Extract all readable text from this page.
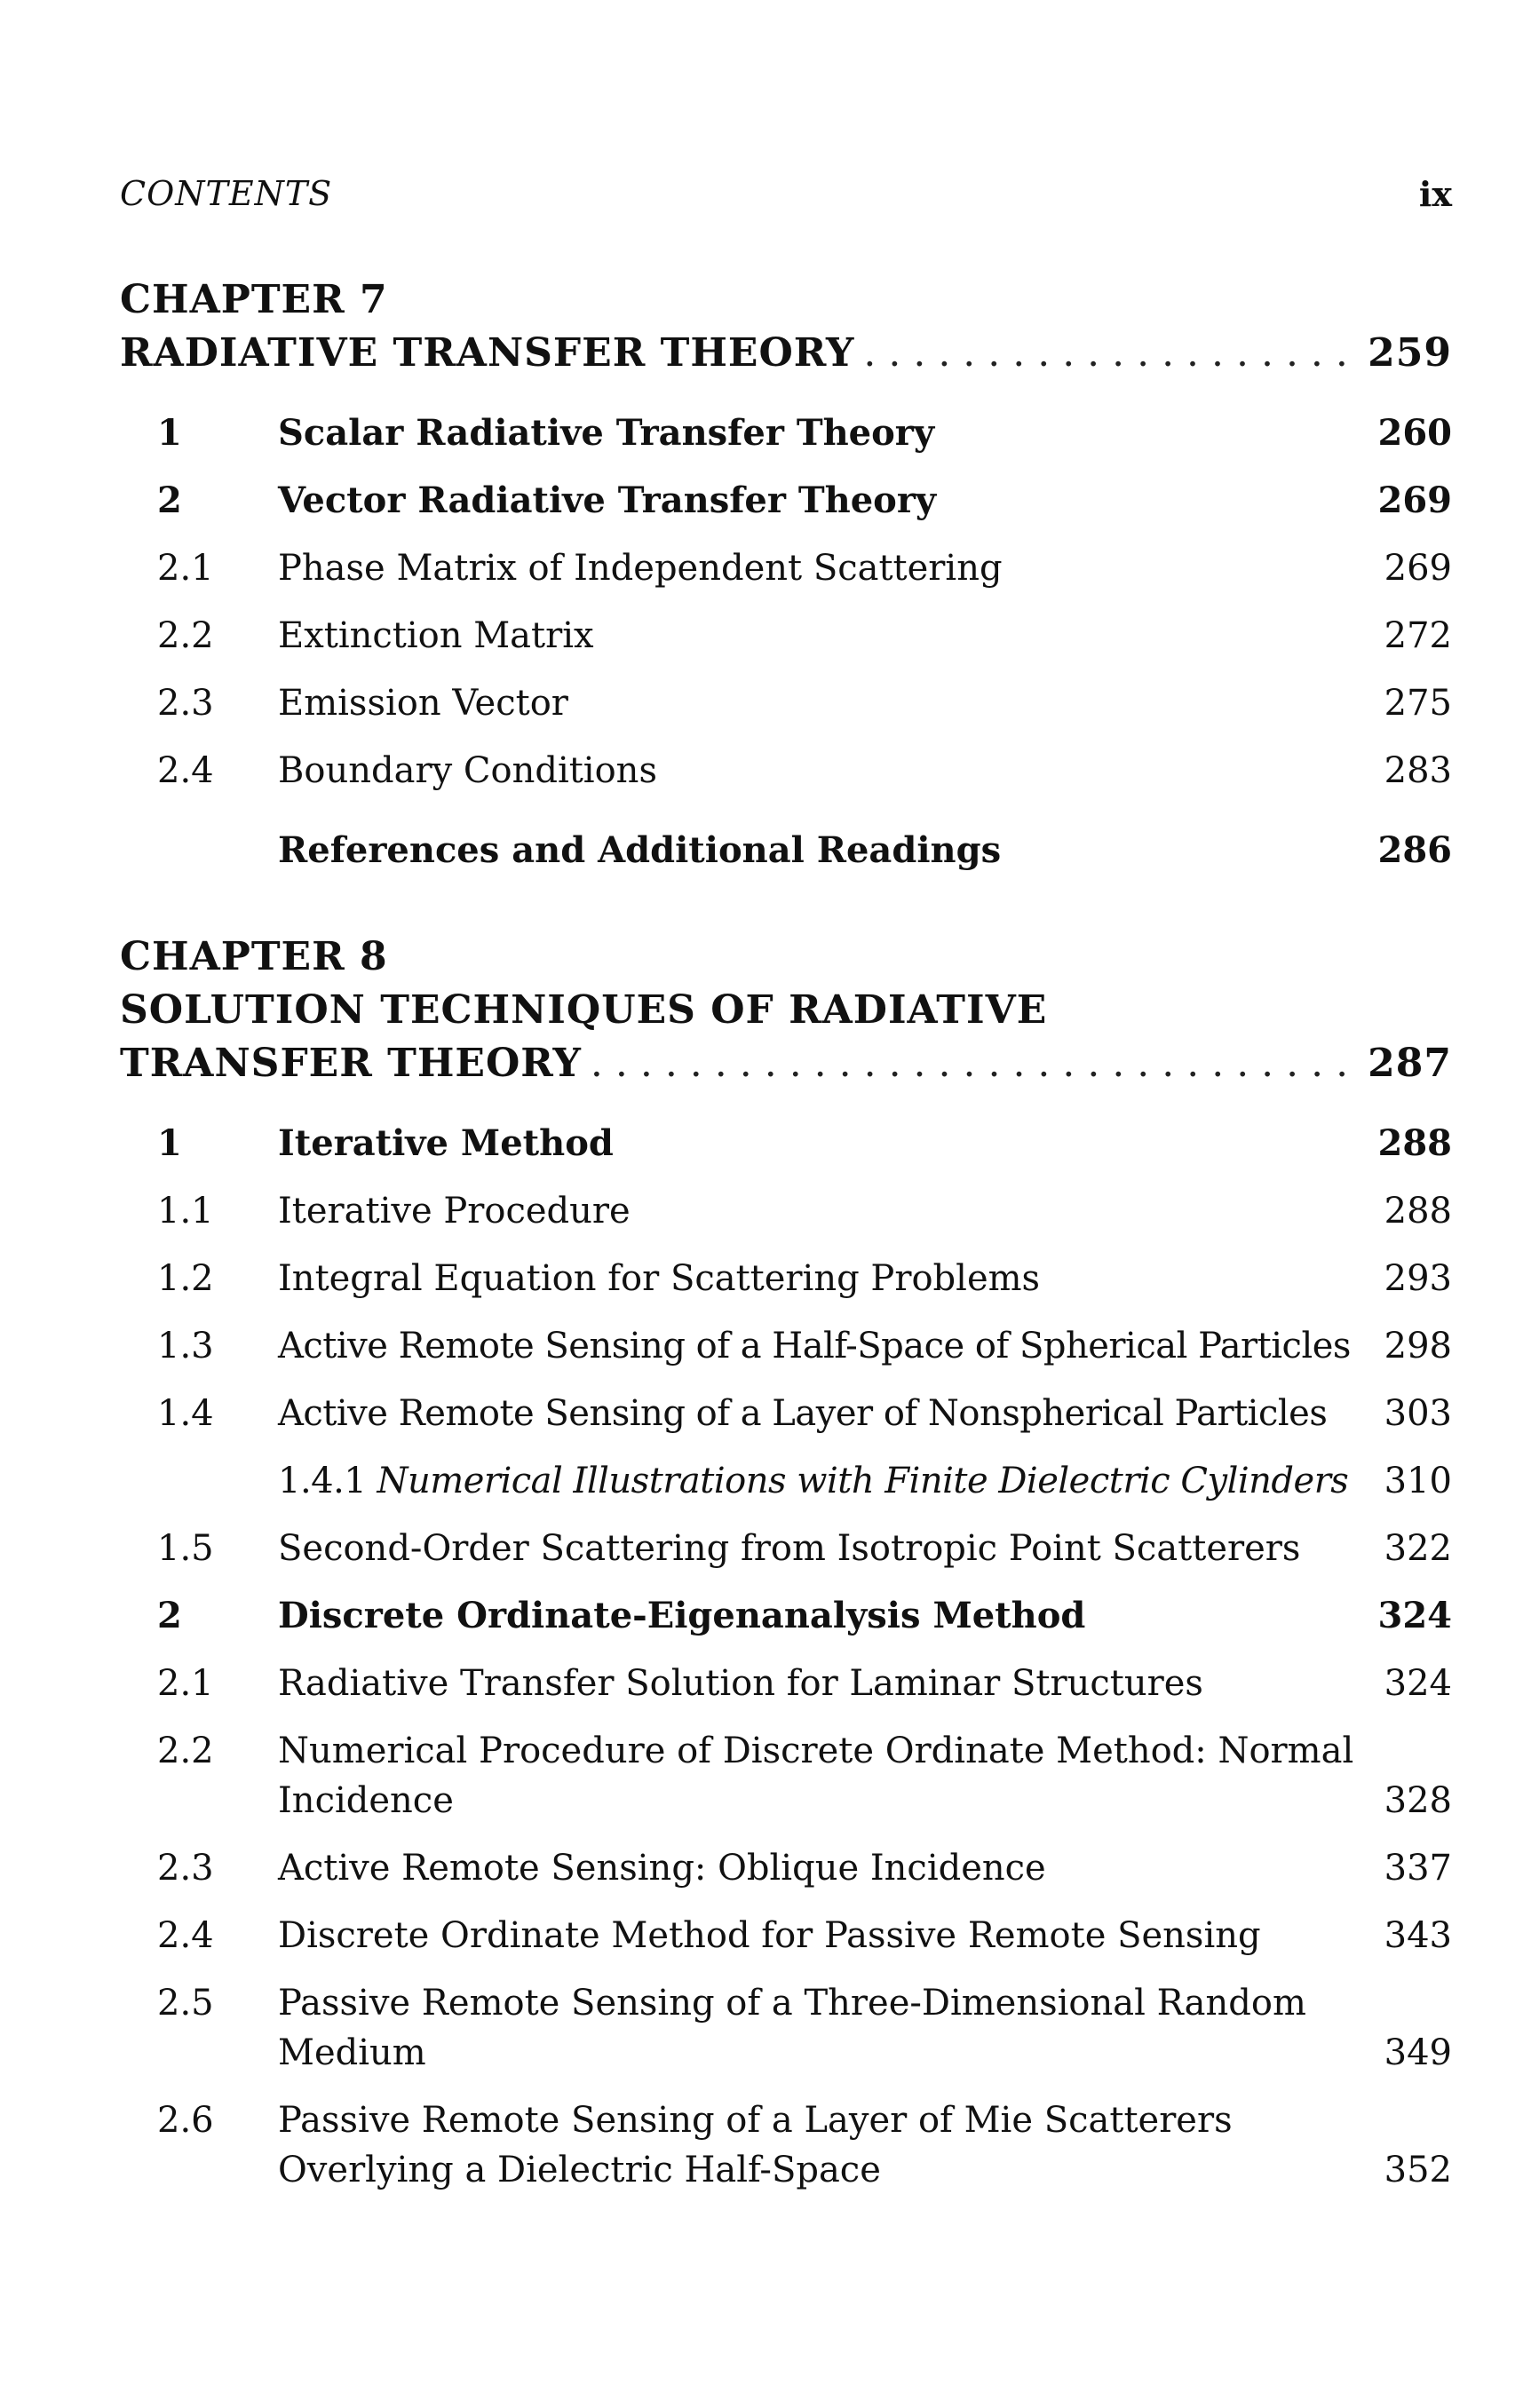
CONTENTS	ix
CHAPTER 7
RADIATIVE TRANSFER THEORY . . .	259
1	Scalar Radiative Transfer Theory	260
2	Vector Radiative Transfer Theory	269
2.1	Phase Matrix of Independent Scattering	269
2.2	Extinction Matrix	272
2.3	Emission Vector	275
2.4	Boundary Conditions	283
References and Additional Readings	286
CHAPTER 8
SOLUTION TECHNIQUES OF RADIATIVE
TRANSFER THEORY . . .	287
1	Iterative Method	288
1.1	Iterative Procedure	288
1.2	Integral Equation for Scattering Problems	293
1.3	Active Remote Sensing of a Half-Space of Spherical Particles 298
1.4	Active Remote Sensing of a Layer of Nonspherical Particles	303
1.4.1 Numerical Illustrations with Finite Dielectric Cylinders	310
1.5	Second-Order Scattering from Isotropic Point Scatterers	322
2	Discrete Ordinate-Eigenanalysis Method	324
2.1	Radiative Transfer Solution for Laminar Structures	324
2.2	Numerical Procedure of Discrete Ordinate Method: Normal Incidence	328
2.3	Active Remote Sensing: Oblique Incidence	337
2.4	Discrete Ordinate Method for Passive Remote Sensing	343
2.5	Passive Remote Sensing of a Three-Dimensional Random Medium	349
2.6	Passive Remote Sensing of a Layer of Mie Scatterers Overlying a Dielectric Half-Space	352
